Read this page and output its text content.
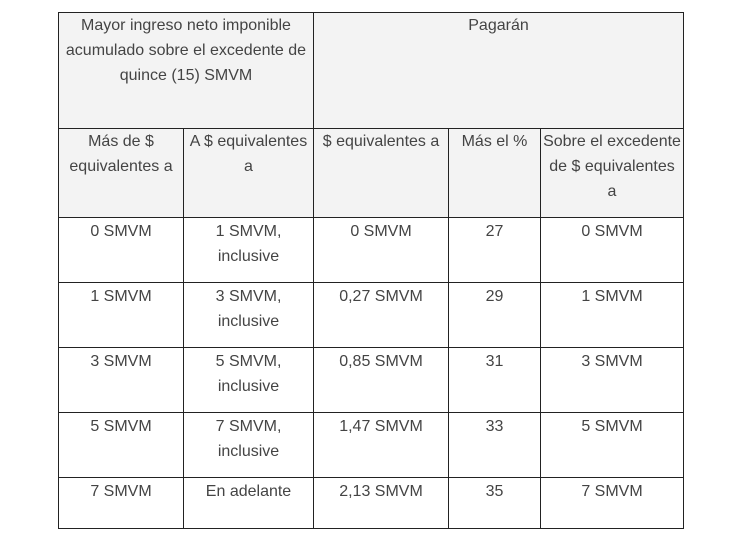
Mayor ingreso neto imponible acumulado sobre el excedente de quince (15) SMVM		Pagarán		
Más de $ equivalentes a	A $ equivalentes a	$ equivalentes a	Más el %	Sobre el excedente de $ equivalentes a
0 SMVM	1 SMVM, inclusive	0 SMVM	27	0 SMVM
1 SMVM	3 SMVM, inclusive	0,27 SMVM	29	1 SMVM
3 SMVM	5 SMVM, inclusive	0,85 SMVM	31	3 SMVM
5 SMVM	7 SMVM, inclusive	1,47 SMVM	33	5 SMVM
7 SMVM	En adelante	2,13 SMVM	35	7 SMVM
